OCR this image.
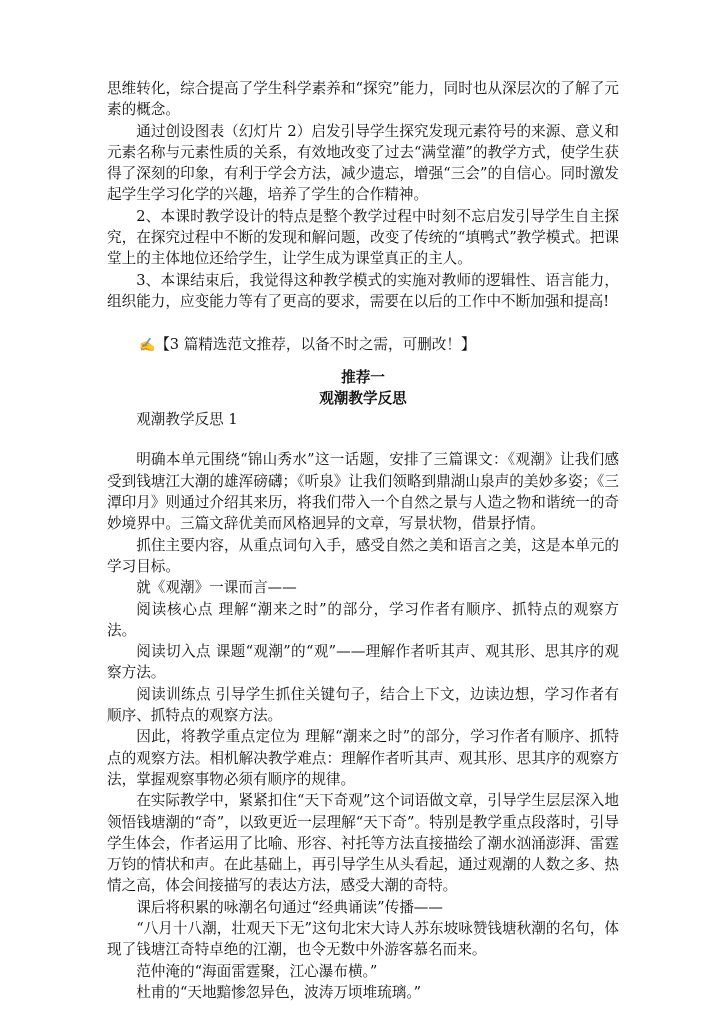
思维转化，综合提高了学生科学素养和“探究”能力，同时也从深层次的了解了元素的概念。

通过创设图表（幻灯片 2）启发引导学生探究发现元素符号的来源、意义和元素名称与元素性质的关系，有效地改变了过去“满堂灌”的教学方式，使学生获得了深刻的印象，有利于学会方法，减少遗忘，增强“三会”的自信心。同时激发起学生学习化学的兴趣，培养了学生的合作精神。

2、本课时教学设计的特点是整个教学过程中时刻不忘启发引导学生自主探究，在探究过程中不断的发现和解问题，改变了传统的“填鸭式”教学模式。把课堂上的主体地位还给学生，让学生成为课堂真正的主人。

3、本课结束后，我觉得这种教学模式的实施对教师的逻辑性、语言能力，组织能力，应变能力等有了更高的要求，需要在以后的工作中不断加强和提高!

✍【3 篇精选范文推荐，以备不时之需，可删改！】

推荐一

观潮教学反思

观潮教学反思 1

明确本单元围绕“锦山秀水”这一话题，安排了三篇课文：《观潮》让我们感受到钱塘江大潮的雄浑磅礴；《听泉》让我们领略到鼎湖山泉声的美妙多姿；《三潭印月》则通过介绍其来历，将我们带入一个自然之景与人造之物和谐统一的奇妙境界中。三篇文辞优美而风格迥异的文章，写景状物，借景抒情。

抓住主要内容，从重点词句入手，感受自然之美和语言之美，这是本单元的学习目标。

就《观潮》一课而言——

阅读核心点 理解“潮来之时”的部分，学习作者有顺序、抓特点的观察方法。

阅读切入点 课题“观潮”的“观”——理解作者听其声、观其形、思其序的观察方法。

阅读训练点 引导学生抓住关键句子，结合上下文，边读边想，学习作者有顺序、抓特点的观察方法。

因此，将教学重点定位为 理解“潮来之时”的部分，学习作者有顺序、抓特点的观察方法。相机解决教学难点：理解作者听其声、观其形、思其序的观察方法，掌握观察事物必须有顺序的规律。

在实际教学中，紧紧扣住“天下奇观”这个词语做文章，引导学生层层深入地领悟钱塘潮的“奇”，以致更近一层理解“天下奇”。特别是教学重点段落时，引导学生体会，作者运用了比喻、形容、衬托等方法直接描绘了潮水汹涌澎湃、雷霆万钧的情状和声。在此基础上，再引导学生从头看起，通过观潮的人数之多、热情之高，体会间接描写的表达方法，感受大潮的奇特。

课后将积累的咏潮名句通过“经典诵读”传播——

“八月十八潮，壮观天下无”这句北宋大诗人苏东坡咏赞钱塘秋潮的名句，体现了钱塘江奇特卓绝的江潮，也令无数中外游客慕名而来。

范仲淹的“海面雷霆聚，江心瀑布横。”

杜甫的“天地黯惨忽异色，波涛万顷堆琉璃。”
